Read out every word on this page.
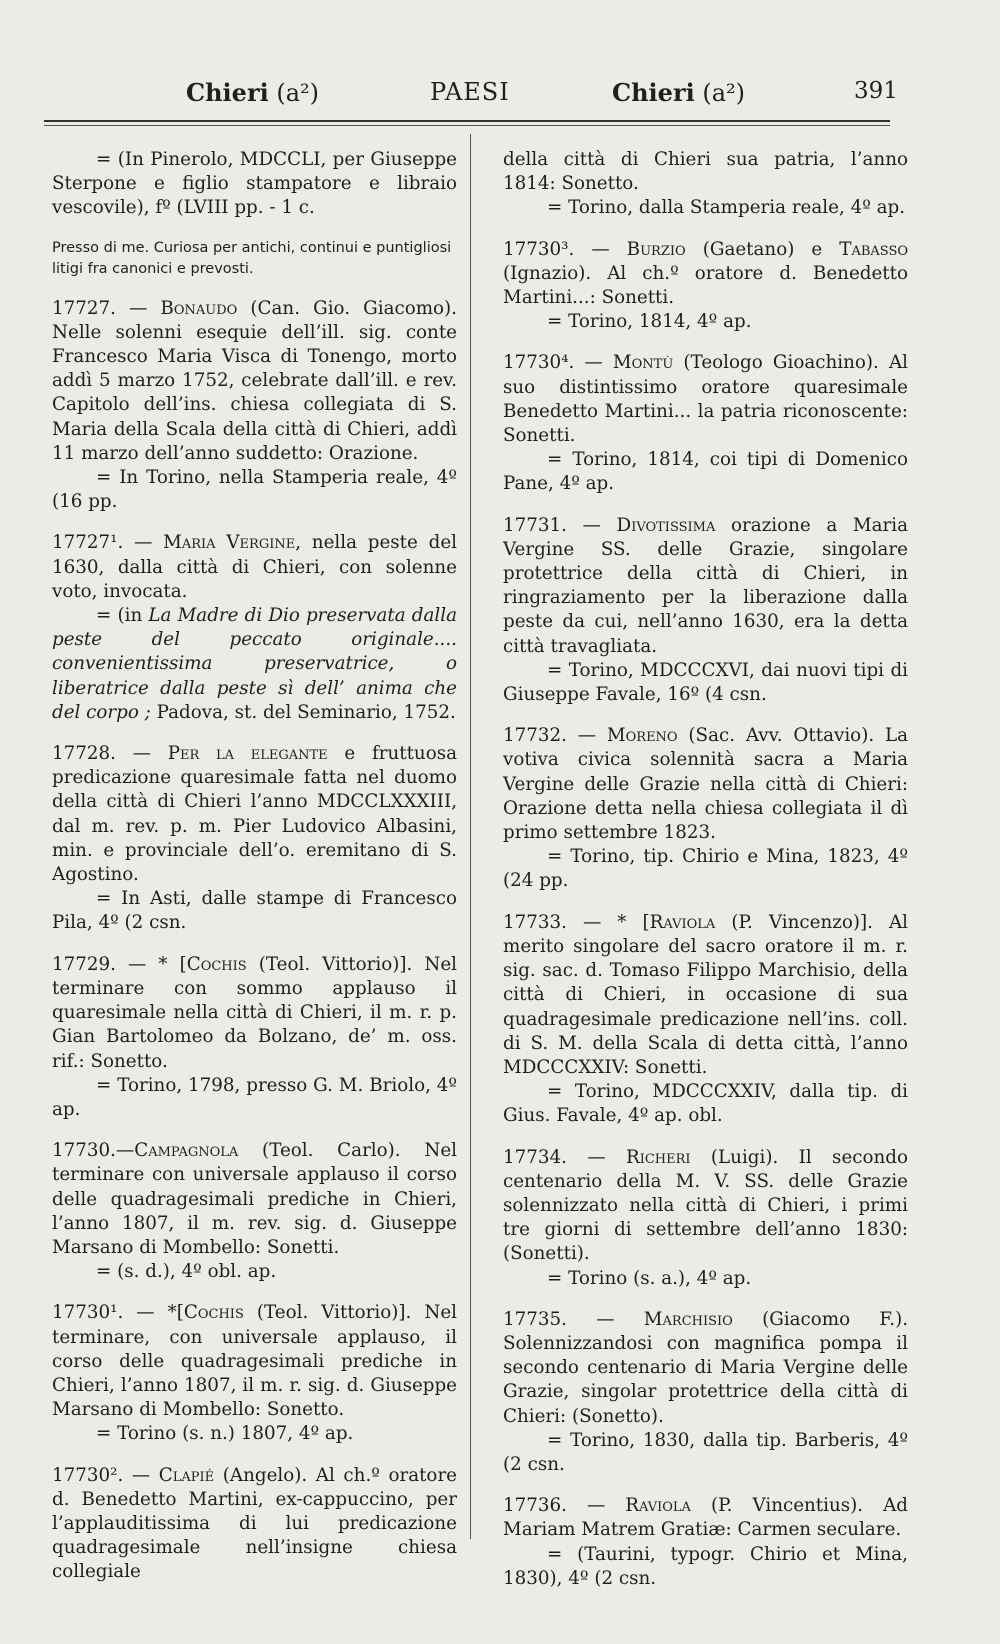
Chieri (a²)	PAESI	Chieri (a²)	391

= (In Pinerolo, MDCCLI, per Giuseppe Sterpone e figlio stampatore e libraio vescovile), fº (LVIII pp. - 1 c.

Presso di me. Curiosa per antichi, continui e puntigliosi litigi fra canonici e prevosti.

17727. — Bonaudo (Can. Gio. Giacomo). Nelle solenni esequie dell’ill. sig. conte Francesco Maria Visca di Tonengo, morto addì 5 marzo 1752, celebrate dall’ill. e rev. Capitolo dell’ins. chiesa collegiata di S. Maria della Scala della città di Chieri, addì 11 marzo dell’anno suddetto: Orazione.

= In Torino, nella Stamperia reale, 4º (16 pp.

17727¹. — Maria Vergine, nella peste del 1630, dalla città di Chieri, con solenne voto, invocata.

= (in La Madre di Dio preservata dalla peste del peccato originale.... convenientissima preservatrice, o liberatrice dalla peste sì dell’ anima che del corpo ; Padova, st. del Seminario, 1752.

17728. — Per la elegante e fruttuosa predicazione quaresimale fatta nel duomo della città di Chieri l’anno MDCCLXXXIII, dal m. rev. p. m. Pier Ludovico Albasini, min. e provinciale dell’o. eremitano di S. Agostino.

= In Asti, dalle stampe di Francesco Pila, 4º (2 csn.

17729. — * [Cochis (Teol. Vittorio)]. Nel terminare con sommo applauso il quaresimale nella città di Chieri, il m. r. p. Gian Bartolomeo da Bolzano, de’ m. oss. rif.: Sonetto.

= Torino, 1798, presso G. M. Briolo, 4º ap.

17730.—Campagnola (Teol. Carlo). Nel terminare con universale applauso il corso delle quadragesimali prediche in Chieri, l’anno 1807, il m. rev. sig. d. Giuseppe Marsano di Mombello: Sonetti.

= (s. d.), 4º obl. ap.

17730¹. — *[Cochis (Teol. Vittorio)]. Nel terminare, con universale applauso, il corso delle quadragesimali prediche in Chieri, l’anno 1807, il m. r. sig. d. Giuseppe Marsano di Mombello: Sonetto.

= Torino (s. n.) 1807, 4º ap.

17730². — Clapié (Angelo). Al ch.º oratore d. Benedetto Martini, ex-cappuccino, per l’applauditissima di lui predicazione quadragesimale nell’insigne chiesa collegiale

della città di Chieri sua patria, l’anno 1814: Sonetto.

= Torino, dalla Stamperia reale, 4º ap.

17730³. — Burzio (Gaetano) e Tabasso (Ignazio). Al ch.º oratore d. Benedetto Martini...: Sonetti.

= Torino, 1814, 4º ap.

17730⁴. — Montù (Teologo Gioachino). Al suo distintissimo oratore quaresimale Benedetto Martini... la patria riconoscente: Sonetti.

= Torino, 1814, coi tipi di Domenico Pane, 4º ap.

17731. — Divotissima orazione a Maria Vergine SS. delle Grazie, singolare protettrice della città di Chieri, in ringraziamento per la liberazione dalla peste da cui, nell’anno 1630, era la detta città travagliata.

= Torino, MDCCCXVI, dai nuovi tipi di Giuseppe Favale, 16º (4 csn.

17732. — Moreno (Sac. Avv. Ottavio). La votiva civica solennità sacra a Maria Vergine delle Grazie nella città di Chieri: Orazione detta nella chiesa collegiata il dì primo settembre 1823.

= Torino, tip. Chirio e Mina, 1823, 4º (24 pp.

17733. — * [Raviola (P. Vincenzo)]. Al merito singolare del sacro oratore il m. r. sig. sac. d. Tomaso Filippo Marchisio, della città di Chieri, in occasione di sua quadragesimale predicazione nell’ins. coll. di S. M. della Scala di detta città, l’anno MDCCCXXIV: Sonetti.

= Torino, MDCCCXXIV, dalla tip. di Gius. Favale, 4º ap. obl.

17734. — Richeri (Luigi). Il secondo centenario della M. V. SS. delle Grazie solennizzato nella città di Chieri, i primi tre giorni di settembre dell’anno 1830: (Sonetti).

= Torino (s. a.), 4º ap.

17735. — Marchisio (Giacomo F.). Solennizzandosi con magnifica pompa il secondo centenario di Maria Vergine delle Grazie, singolar protettrice della città di Chieri: (Sonetto).

= Torino, 1830, dalla tip. Barberis, 4º (2 csn.

17736. — Raviola (P. Vincentius). Ad Mariam Matrem Gratiæ: Carmen seculare.

= (Taurini, typogr. Chirio et Mina, 1830), 4º (2 csn.
